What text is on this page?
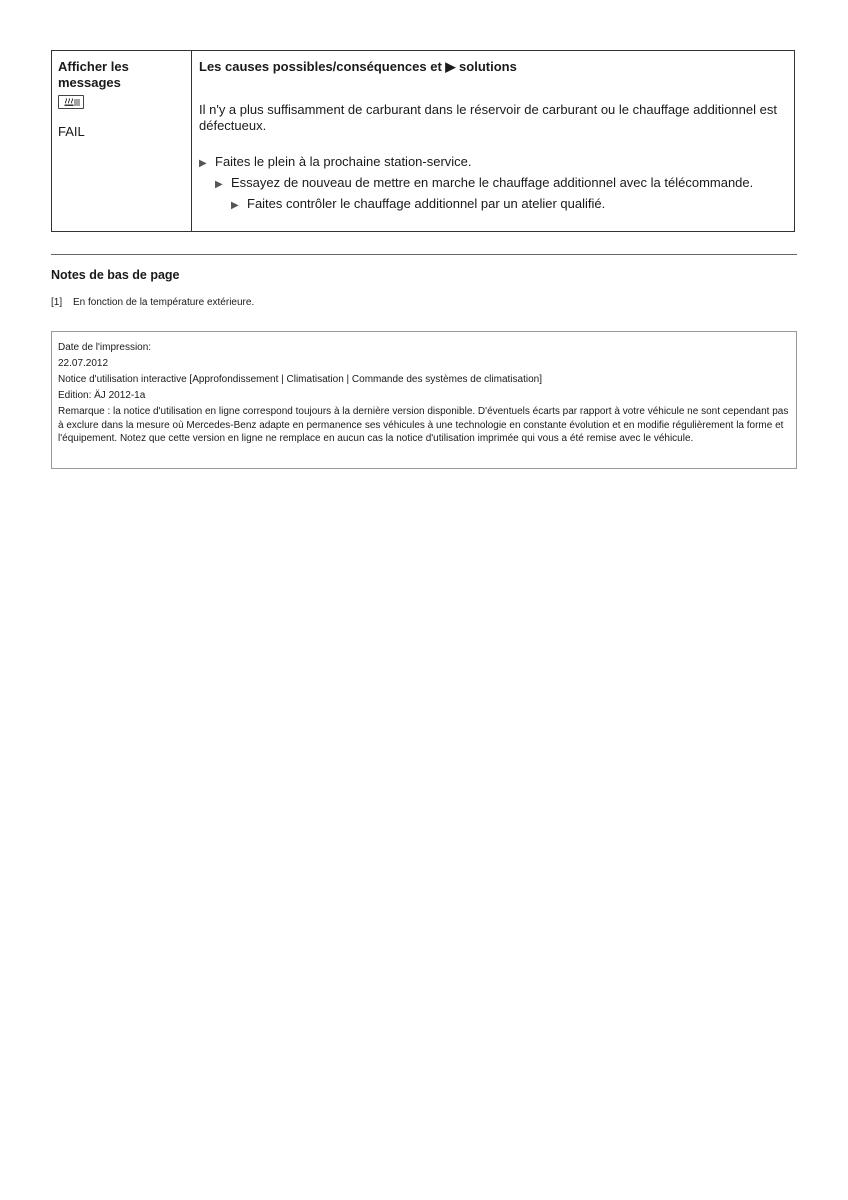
Afficher les messages
FAIL
Les causes possibles/conséquences et ▶ solutions
Il n'y a plus suffisamment de carburant dans le réservoir de carburant ou le chauffage additionnel est défectueux.
▶ Faites le plein à la prochaine station-service.
▶ Essayez de nouveau de mettre en marche le chauffage additionnel avec la télécommande.
▶ Faites contrôler le chauffage additionnel par un atelier qualifié.
Notes de bas de page
[1]	En fonction de la température extérieure.
Date de l'impression:
22.07.2012
Notice d'utilisation interactive [Approfondissement | Climatisation | Commande des systèmes de climatisation]
Edition: ÄJ 2012-1a
Remarque : la notice d'utilisation en ligne correspond toujours à la dernière version disponible. D'éventuels écarts par rapport à votre véhicule ne sont cependant pas à exclure dans la mesure où Mercedes-Benz adapte en permanence ses véhicules à une technologie en constante évolution et en modifie régulièrement la forme et l'équipement. Notez que cette version en ligne ne remplace en aucun cas la notice d'utilisation imprimée qui vous a été remise avec le véhicule.
